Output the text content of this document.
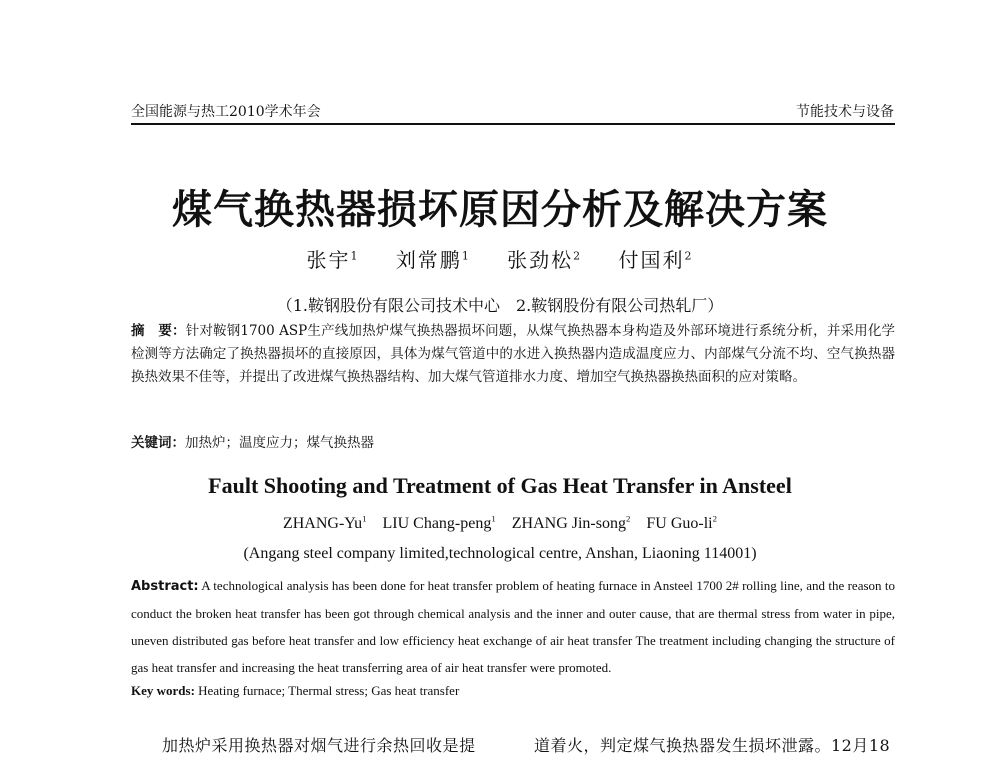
全国能源与热工2010学术年会	节能技术与设备
煤气换热器损坏原因分析及解决方案
张宇$^1$ 刘常鹏$^1$ 张劲松$^2$ 付国利$^2$
（1.鞍钢股份有限公司技术中心　2.鞍钢股份有限公司热轧厂）
摘　要：针对鞍钢1700 ASP生产线加热炉煤气换热器损坏问题，从煤气换热器本身构造及外部环境进行系统分析，并采用化学检测等方法确定了换热器损坏的直接原因，具体为煤气管道中的水进入换热器内造成温度应力、内部煤气分流不均、空气换热器换热效果不佳等，并提出了改进煤气换热器结构、加大煤气管道排水力度、增加空气换热器换热面积的应对策略。
关键词：加热炉；温度应力；煤气换热器
Fault Shooting and Treatment of Gas Heat Transfer in Ansteel
ZHANG-Yu$^1$ LIU Chang-peng$^1$ ZHANG Jin-song$^2$ FU Guo-$li^2$
(Angang steel company limited,technological centre, Anshan, Liaoning 114001)
Abstract: A technological analysis has been done for heat transfer problem of heating furnace in Ansteel 1700 2# rolling line, and the reason to conduct the broken heat transfer has been got through chemical analysis and the inner and outer cause, that are thermal stress from water in pipe, uneven distributed gas before heat transfer and low efficiency heat exchange of air heat transfer The treatment including changing the structure of gas heat transfer and increasing the heat transferring area of air heat transfer were promoted.
Key words: Heating furnace; Thermal stress; Gas heat transfer
加热炉采用换热器对烟气进行余热回收是提	道着火，判定煤气换热器发生损坏泄露。12月18
